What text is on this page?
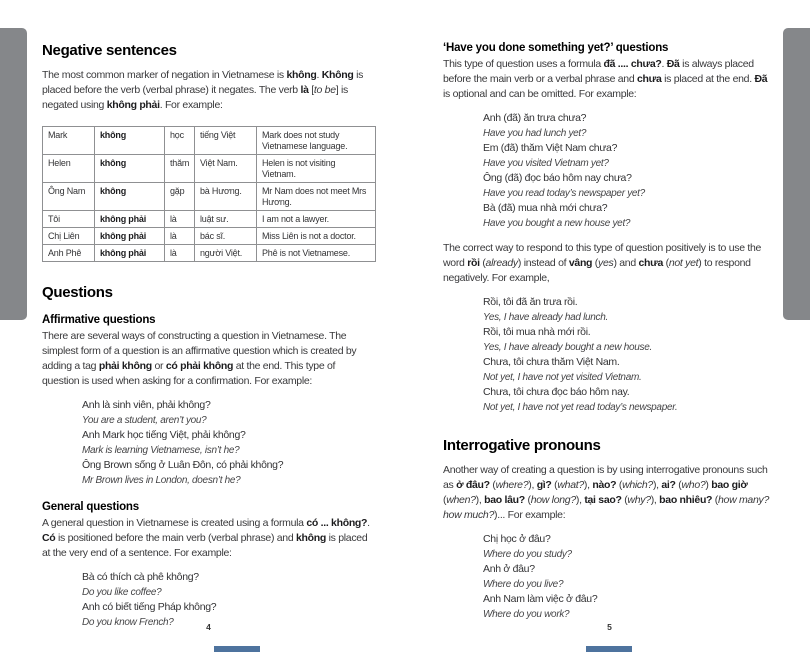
Negative sentences
The most common marker of negation in Vietnamese is không. Không is placed before the verb (verbal phrase) it negates. The verb là [to be] is negated using không phải. For example:
Mark	không	học	tiếng Việt	Mark does not study Vietnamese language.
Helen	không	thăm	Việt Nam.	Helen is not visiting Vietnam.
Ông Nam	không	gặp	bà Hương.	Mr Nam does not meet Mrs Hương.
Tôi	không phải	là	luật sư.	I am not a lawyer.
Chị Liên	không phải	là	bác sĩ.	Miss Liên is not a doctor.
Anh Phê	không phải	là	người Việt.	Phê is not Vietnamese.
Questions
Affirmative questions
There are several ways of constructing a question in Vietnamese. The simplest form of a question is an affirmative question which is created by adding a tag phải không or có phải không at the end. This type of question is used when asking for a confirmation. For example:
Anh là sinh viên, phải không?
You are a student, aren’t you?
Anh Mark học tiếng Việt, phải không?
Mark is learning Vietnamese, isn’t he?
Ông Brown sống ở Luân Đôn, có phải không?
Mr Brown lives in London, doesn’t he?
General questions
A general question in Vietnamese is created using a formula có ... không?. Có is positioned before the main verb (verbal phrase) and không is placed at the very end of a sentence. For example:
Bà có thích cà phê không?
Do you like coffee?
Anh có biết tiếng Pháp không?
Do you know French?
‘Have you done something yet?’ questions
This type of question uses a formula đã .... chưa?. Đã is always placed before the main verb or a verbal phrase and chưa is placed at the end. Đã is optional and can be omitted. For example:
Anh (đã) ăn trưa chưa?
Have you had lunch yet?
Em (đã) thăm Việt Nam chưa?
Have you visited Vietnam yet?
Ông (đã) đọc báo hôm nay chưa?
Have you read today’s newspaper yet?
Bà (đã) mua nhà mới chưa?
Have you bought a new house yet?
The correct way to respond to this type of question positively is to use the word rồi (already) instead of vâng (yes) and chưa (not yet) to respond negatively. For example,
Rồi, tôi đã ăn trưa rồi.
Yes, I have already had lunch.
Rồi, tôi mua nhà mới rồi.
Yes, I have already bought a new house.
Chưa, tôi chưa thăm Việt Nam.
Not yet, I have not yet visited Vietnam.
Chưa, tôi chưa đọc báo hôm nay.
Not yet, I have not yet read today’s newspaper.
Interrogative pronouns
Another way of creating a question is by using interrogative pronouns such as ở đâu? (where?), gì? (what?), nào? (which?), ai? (who?) bao giờ (when?), bao lâu? (how long?), tại sao? (why?), bao nhiêu? (how many? how much?)... For example:
Chị học ở đâu?
Where do you study?
Anh ở đâu?
Where do you live?
Anh Nam làm việc ở đâu?
Where do you work?
4	5
